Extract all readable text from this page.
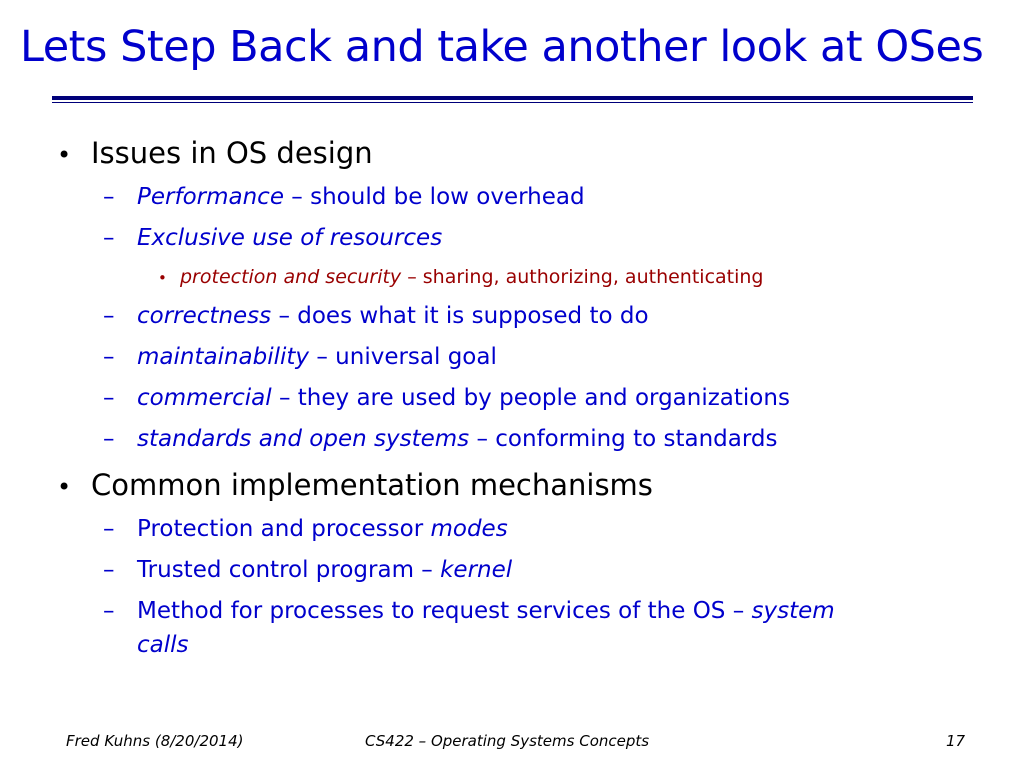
Lets Step Back and take another look at OSes
• Issues in OS design
– Performance – should be low overhead
– Exclusive use of resources
• protection and security – sharing, authorizing, authenticating
– correctness – does what it is supposed to do
– maintainability – universal goal
– commercial – they are used by people and organizations
– standards and open systems – conforming to standards
• Common implementation mechanisms
– Protection and processor modes
– Trusted control program – kernel
– Method for processes to request services of the OS – system
calls
Fred Kuhns (8/20/2014)	CS422 – Operating Systems Concepts	17
